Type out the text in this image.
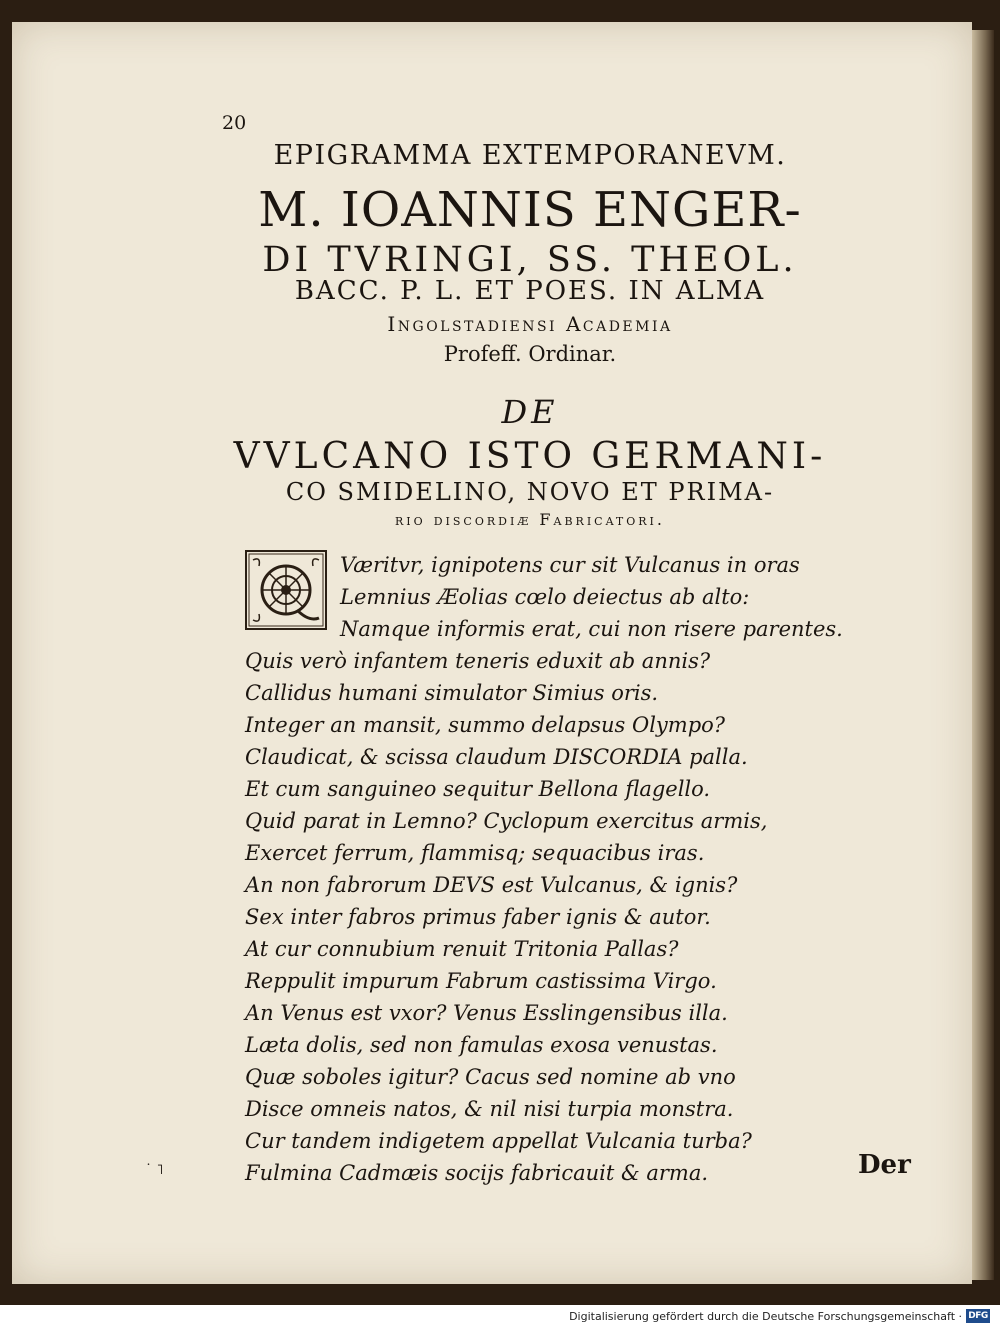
20
EPIGRAMMA EXTEMPORANEVM.
M. IOANNIS ENGER-
DI TVRINGI, SS. THEOL.
BACC. P. L. ET POES. IN ALMA
Ingolstadiensi Academia
Profeff. Ordinar.
DE
VVLCANO ISTO GERMANI-
CO SMIDELINO, NOVO ET PRIMA-
rio discordiæ Fabricatori.

Væritvr, ignipotens cur sit Vulcanus in oras

Lemnius Æolias cœlo deiectus ab alto:

Namque informis erat, cui non risere parentes.

Quis verò infantem teneris eduxit ab annis?

Callidus humani simulator Simius oris.

Integer an mansit, summo delapsus Olympo?

Claudicat, & scissa claudum DISCORDIA palla.

Et cum sanguineo sequitur Bellona flagello.

Quid parat in Lemno? Cyclopum exercitus armis,

Exercet ferrum, flammisq; sequacibus iras.

An non fabrorum DEVS est Vulcanus, & ignis?

Sex inter fabros primus faber ignis & autor.

At cur connubium renuit Tritonia Pallas?

Reppulit impurum Fabrum castissima Virgo.

An Venus est vxor? Venus Esslingensibus illa.

Læta dolis, sed non famulas exosa venustas.

Quæ soboles igitur? Cacus sed nomine ab vno

Disce omneis natos, & nil nisi turpia monstra.

Cur tandem indigetem appellat Vulcania turba?

Fulmina Cadmæis socijs fabricauit & arma.

˙ ˥	Der
Digitalisierung gefördert durch die Deutsche Forschungsgemeinschaft · DFG
